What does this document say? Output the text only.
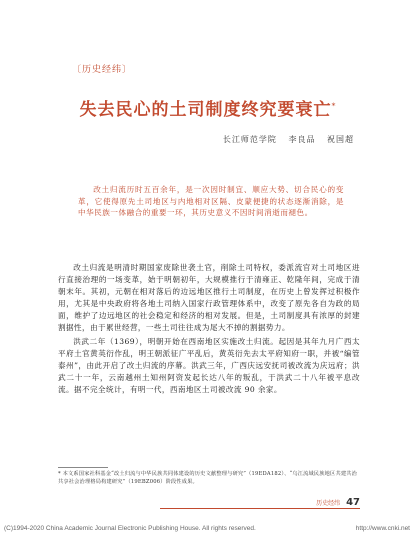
〔历史经纬〕
失去民心的土司制度终究要衰亡*
长江师范学院 李良品 祝国超
改土归流历时五百余年，是一次因时制宜、顺应大势、切合民心的变革，它使得原先土司地区与内地相对区隔、皮蒙便捷的状态逐渐消除，是中华民族一体融合的重要一环，其历史意义不因时间消逝而褪色。

改土归流是明清时期国家废除世袭土官，削除土司特权，委派流官对土司地区进行直接治理的一场变革，始于明朝初年，大规模推行于清雍正、乾隆年间，完成于清朝末年。其初，元朝在相对落后的边远地区推行土司制度，在历史上曾发挥过积极作用，尤其是中央政府将各地土司纳入国家行政管理体系中，改变了原先各自为政的局面，维护了边远地区的社会稳定和经济的相对发展。但是，土司制度具有浓厚的封建割据性，由于累世经营，一些土司往往成为尾大不掉的割据势力。

洪武二年（1369），明朝开始在西南地区实施改土归流。起因是其年九月广西太平府土官黄英衍作乱，明王朝派征广平乱后，黄英衍先去太平府知府一职，并被“编管泰州”，由此开启了改土归流的序幕。洪武三年，广西庆远安抚司被改流为庆远府；洪武二十一年，云南越州土知州阿资发起长达八年的叛乱，于洪武二十八年被平息改流。据不完全统计，有明一代，西南地区土司被改流 90 余家。

* 本文系国家社科基金“改土归流与中华民族共同体建设的历史文献整理与研究”（19EDA182）、“乌江流域民族地区共建共治共享社会治理格局构建研究”（19EBZ006）阶段性成果。
历史经纬 47
(C)1994-2020 China Academic Journal Electronic Publishing House. All rights reserved.	http://www.cnki.net
